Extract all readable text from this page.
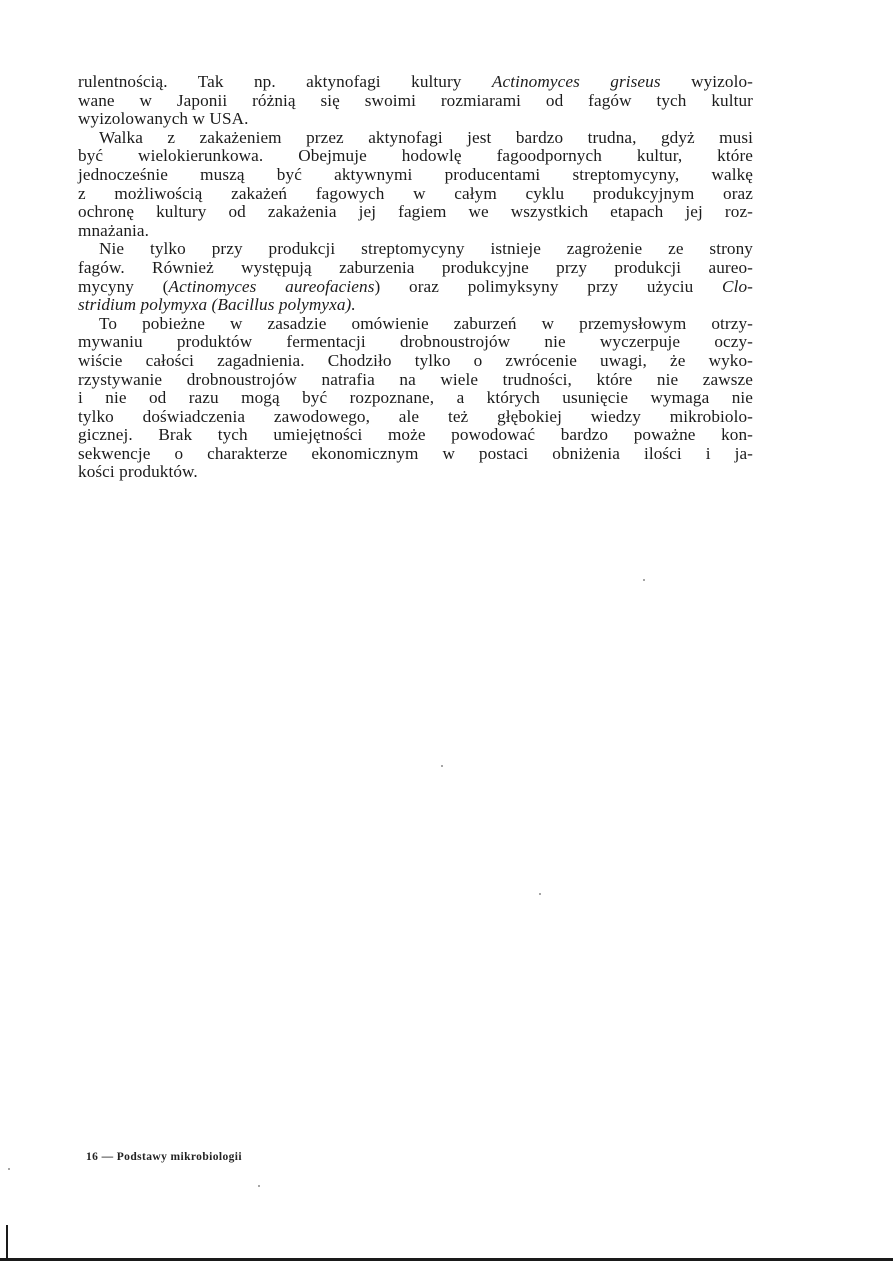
rulentnością. Tak np. aktynofagi kultury Actinomyces griseus wyizolo-
wane w Japonii różnią się swoimi rozmiarami od fagów tych kultur
wyizolowanych w USA.
Walka z zakażeniem przez aktynofagi jest bardzo trudna, gdyż musi
być wielokierunkowa. Obejmuje hodowlę fagoodpornych kultur, które
jednocześnie muszą być aktywnymi producentami streptomycyny, walkę
z możliwością zakażeń fagowych w całym cyklu produkcyjnym oraz
ochronę kultury od zakażenia jej fagiem we wszystkich etapach jej roz-
mnażania.
Nie tylko przy produkcji streptomycyny istnieje zagrożenie ze strony
fagów. Również występują zaburzenia produkcyjne przy produkcji aureo-
mycyny (Actinomyces aureofaciens) oraz polimyksyny przy użyciu Clo-
stridium polymyxa (Bacillus polymyxa).
To pobieżne w zasadzie omówienie zaburzeń w przemysłowym otrzy-
mywaniu produktów fermentacji drobnoustrojów nie wyczerpuje oczy-
wiście całości zagadnienia. Chodziło tylko o zwrócenie uwagi, że wyko-
rzystywanie drobnoustrojów natrafia na wiele trudności, które nie zawsze
i nie od razu mogą być rozpoznane, a których usunięcie wymaga nie
tylko doświadczenia zawodowego, ale też głębokiej wiedzy mikrobiolo-
gicznej. Brak tych umiejętności może powodować bardzo poważne kon-
sekwencje o charakterze ekonomicznym w postaci obniżenia ilości i ja-
kości produktów.
16 — Podstawy mikrobiologii
